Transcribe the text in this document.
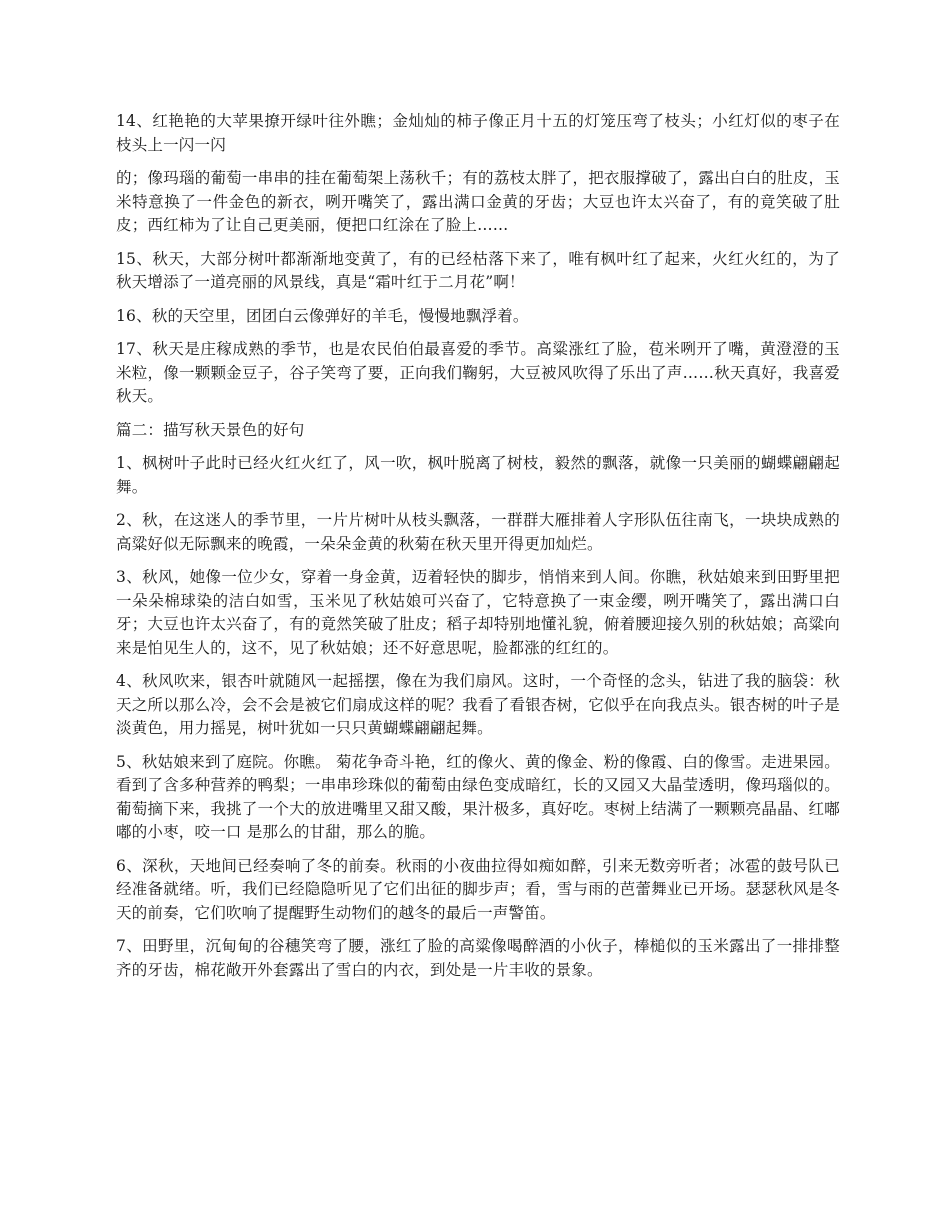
14、红艳艳的大苹果撩开绿叶往外瞧；金灿灿的柿子像正月十五的灯笼压弯了枝头；小红灯似的枣子在枝头上一闪一闪

的；像玛瑙的葡萄一串串的挂在葡萄架上荡秋千；有的荔枝太胖了，把衣服撑破了，露出白白的肚皮，玉米特意换了一件金色的新衣，咧开嘴笑了，露出满口金黄的牙齿；大豆也许太兴奋了，有的竟笑破了肚皮；西红柿为了让自己更美丽，便把口红涂在了脸上……

15、秋天，大部分树叶都渐渐地变黄了，有的已经枯落下来了，唯有枫叶红了起来，火红火红的，为了秋天增添了一道亮丽的风景线，真是“霜叶红于二月花”啊！

16、秋的天空里，团团白云像弹好的羊毛，慢慢地飘浮着。

17、秋天是庄稼成熟的季节，也是农民伯伯最喜爱的季节。高粱涨红了脸，苞米咧开了嘴，黄澄澄的玉米粒，像一颗颗金豆子，谷子笑弯了要，正向我们鞠躬，大豆被风吹得了乐出了声……秋天真好，我喜爱秋天。

篇二：描写秋天景色的好句

1、枫树叶子此时已经火红火红了，风一吹，枫叶脱离了树枝，毅然的飘落，就像一只美丽的蝴蝶翩翩起舞。

2、秋，在这迷人的季节里，一片片树叶从枝头飘落，一群群大雁排着人字形队伍往南飞，一块块成熟的高粱好似无际飘来的晚霞，一朵朵金黄的秋菊在秋天里开得更加灿烂。

3、秋风，她像一位少女，穿着一身金黄，迈着轻快的脚步，悄悄来到人间。你瞧，秋姑娘来到田野里把一朵朵棉球染的洁白如雪，玉米见了秋姑娘可兴奋了，它特意换了一束金缨，咧开嘴笑了，露出满口白牙；大豆也许太兴奋了，有的竟然笑破了肚皮；稻子却特别地懂礼貌，俯着腰迎接久别的秋姑娘；高粱向来是怕见生人的，这不，见了秋姑娘；还不好意思呢，脸都涨的红红的。

4、秋风吹来，银杏叶就随风一起摇摆，像在为我们扇风。这时，一个奇怪的念头，钻进了我的脑袋：秋天之所以那么冷，会不会是被它们扇成这样的呢？我看了看银杏树，它似乎在向我点头。银杏树的叶子是淡黄色，用力摇晃，树叶犹如一只只黄蝴蝶翩翩起舞。

5、秋姑娘来到了庭院。你瞧。 菊花争奇斗艳，红的像火、黄的像金、粉的像霞、白的像雪。走进果园。看到了含多种营养的鸭梨；一串串珍珠似的葡萄由绿色变成暗红，长的又园又大晶莹透明，像玛瑙似的。葡萄摘下来，我挑了一个大的放进嘴里又甜又酸，果汁极多，真好吃。枣树上结满了一颗颗亮晶晶、红嘟嘟的小枣，咬一口 是那么的甘甜，那么的脆。

6、深秋，天地间已经奏响了冬的前奏。秋雨的小夜曲拉得如痴如醉，引来无数旁听者；冰雹的鼓号队已经准备就绪。听，我们已经隐隐听见了它们出征的脚步声；看，雪与雨的芭蕾舞业已开场。瑟瑟秋风是冬天的前奏，它们吹响了提醒野生动物们的越冬的最后一声警笛。

7、田野里，沉甸甸的谷穗笑弯了腰，涨红了脸的高粱像喝醉酒的小伙子，棒槌似的玉米露出了一排排整齐的牙齿，棉花敞开外套露出了雪白的内衣，到处是一片丰收的景象。
